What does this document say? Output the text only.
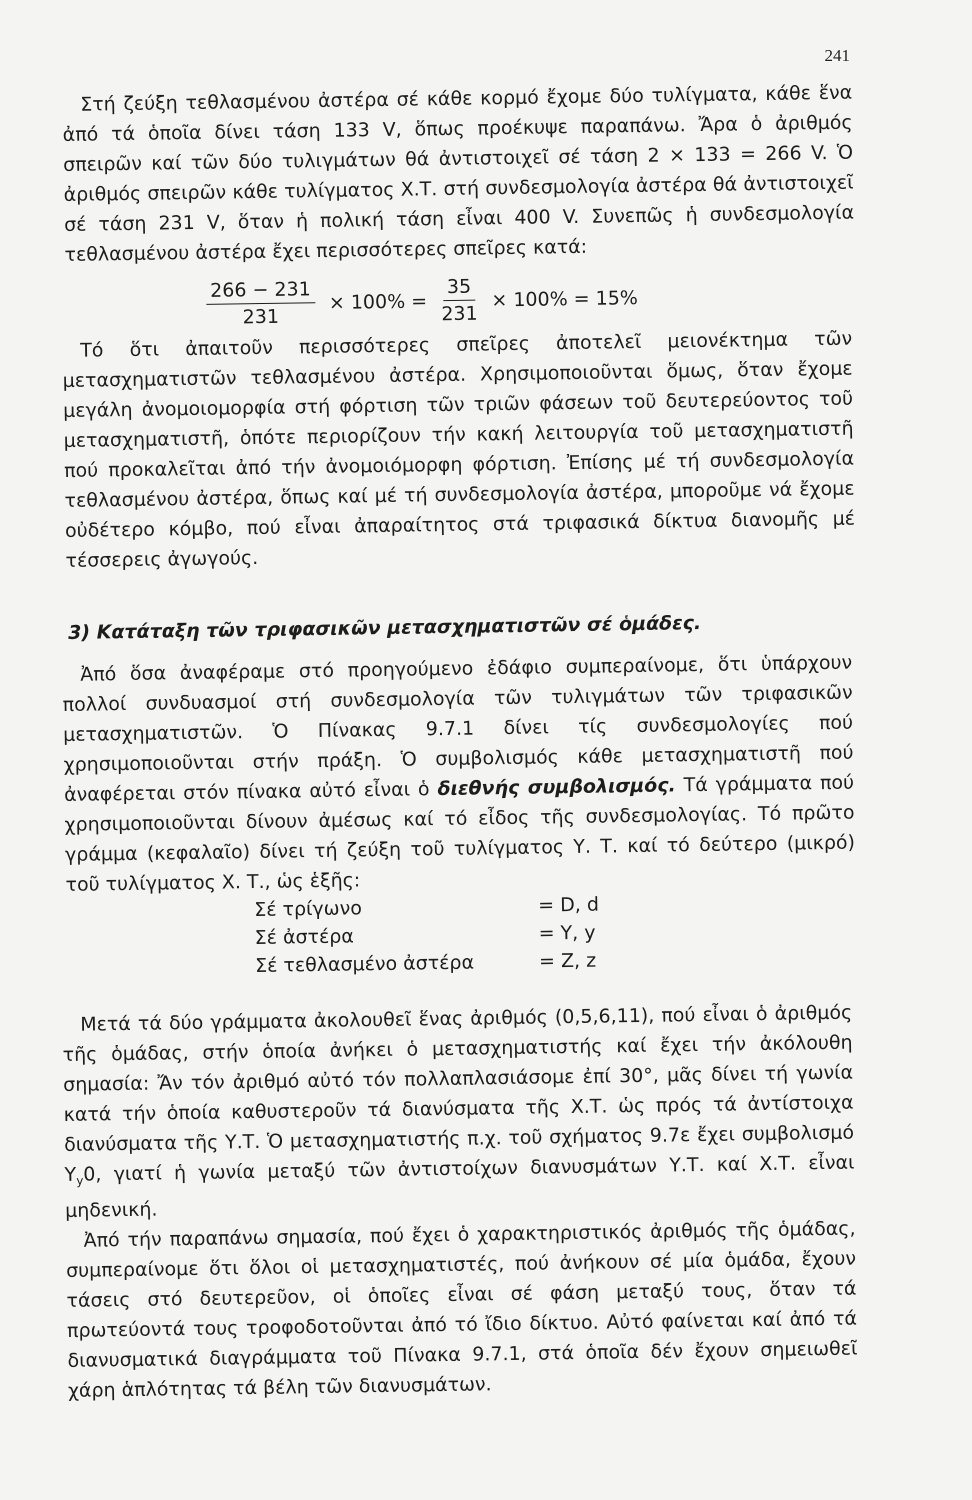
241

Στή ζεύξη τεθλασμένου ἀστέρα σέ κάθε κορμό ἔχομε δύο τυλίγματα, κάθε ἕνα ἀπό τά ὁποῖα δίνει τάση 133 V, ὅπως προέκυψε παραπάνω. Ἄρα ὁ ἀριθμός σπειρῶν καί τῶν δύο τυλιγμάτων θά ἀντιστοιχεῖ σέ τάση 2 × 133 = 266 V. Ὁ ἀριθμός σπειρῶν κάθε τυλίγματος Χ.Τ. στή συνδεσμολογία ἀστέρα θά ἀντιστοιχεῖ σέ τάση 231 V, ὅταν ἡ πολική τάση εἶναι 400 V. Συνεπῶς ἡ συνδεσμολογία τεθλασμένου ἀστέρα ἔχει περισσότερες σπεῖρες κατά:

$\frac{266 - 231}{231} \times 100\% = \frac{35}{231} \times 100\% = 15\%$

Τό ὅτι ἀπαιτοῦν περισσότερες σπεῖρες ἀποτελεῖ μειονέκτημα τῶν μετασχηματιστῶν τεθλασμένου ἀστέρα. Χρησιμοποιοῦνται ὅμως, ὅταν ἔχομε μεγάλη ἀνομοιομορφία στή φόρτιση τῶν τριῶν φάσεων τοῦ δευτερεύοντος τοῦ μετασχηματιστῆ, ὁπότε περιορίζουν τήν κακή λειτουργία τοῦ μετασχηματιστῆ πού προκαλεῖται ἀπό τήν ἀνομοιόμορφη φόρτιση. Ἐπίσης μέ τή συνδεσμολογία τεθλασμένου ἀστέρα, ὅπως καί μέ τή συνδεσμολογία ἀστέρα, μποροῦμε νά ἔχομε οὐδέτερο κόμβο, πού εἶναι ἀπαραίτητος στά τριφασικά δίκτυα διανομῆς μέ τέσσερεις ἀγωγούς.

3) Κατάταξη τῶν τριφασικῶν μετασχηματιστῶν σέ ὁμάδες.

Ἀπό ὅσα ἀναφέραμε στό προηγούμενο ἐδάφιο συμπεραίνομε, ὅτι ὑπάρχουν πολλοί συνδυασμοί στή συνδεσμολογία τῶν τυλιγμάτων τῶν τριφασικῶν μετασχηματιστῶν. Ὁ Πίνακας 9.7.1 δίνει τίς συνδεσμολογίες πού χρησιμοποιοῦνται στήν πράξη. Ὁ συμβολισμός κάθε μετασχηματιστῆ πού ἀναφέρεται στόν πίνακα αὐτό εἶναι ὁ διεθνής συμβολισμός. Τά γράμματα πού χρησιμοποιοῦνται δίνουν ἀμέσως καί τό εἶδος τῆς συνδεσμολογίας. Τό πρῶτο γράμμα (κεφαλαῖο) δίνει τή ζεύξη τοῦ τυλίγματος Υ. Τ. καί τό δεύτερο (μικρό) τοῦ τυλίγματος Χ. Τ., ὡς ἑξῆς:

Σέ τρίγωνο	= D, d
Σέ ἀστέρα	= Y, y
Σέ τεθλασμένο ἀστέρα	= Z, z

Μετά τά δύο γράμματα ἀκολουθεῖ ἕνας ἀριθμός (0,5,6,11), πού εἶναι ὁ ἀριθμός τῆς ὁμάδας, στήν ὁποία ἀνήκει ὁ μετασχηματιστής καί ἔχει τήν ἀκόλουθη σημασία: Ἄν τόν ἀριθμό αὐτό τόν πολλαπλασιάσομε ἐπί 30°, μᾶς δίνει τή γωνία κατά τήν ὁποία καθυστεροῦν τά διανύσματα τῆς Χ.Τ. ὡς πρός τά ἀντίστοιχα διανύσματα τῆς Υ.Τ. Ὁ μετασχηματιστής π.χ. τοῦ σχήματος 9.7ε ἔχει συμβολισμό $Y_y0$, γιατί ἡ γωνία μεταξύ τῶν ἀντιστοίχων διανυσμάτων Υ.Τ. καί Χ.Τ. εἶναι μηδενική.

Ἀπό τήν παραπάνω σημασία, πού ἔχει ὁ χαρακτηριστικός ἀριθμός τῆς ὁμάδας, συμπεραίνομε ὅτι ὅλοι οἱ μετασχηματιστές, πού ἀνήκουν σέ μία ὁμάδα, ἔχουν τάσεις στό δευτερεῦον, οἱ ὁποῖες εἶναι σέ φάση μεταξύ τους, ὅταν τά πρωτεύοντά τους τροφοδοτοῦνται ἀπό τό ἴδιο δίκτυο. Αὐτό φαίνεται καί ἀπό τά διανυσματικά διαγράμματα τοῦ Πίνακα 9.7.1, στά ὁποῖα δέν ἔχουν σημειωθεῖ χάρη ἁπλότητας τά βέλη τῶν διανυσμάτων.
